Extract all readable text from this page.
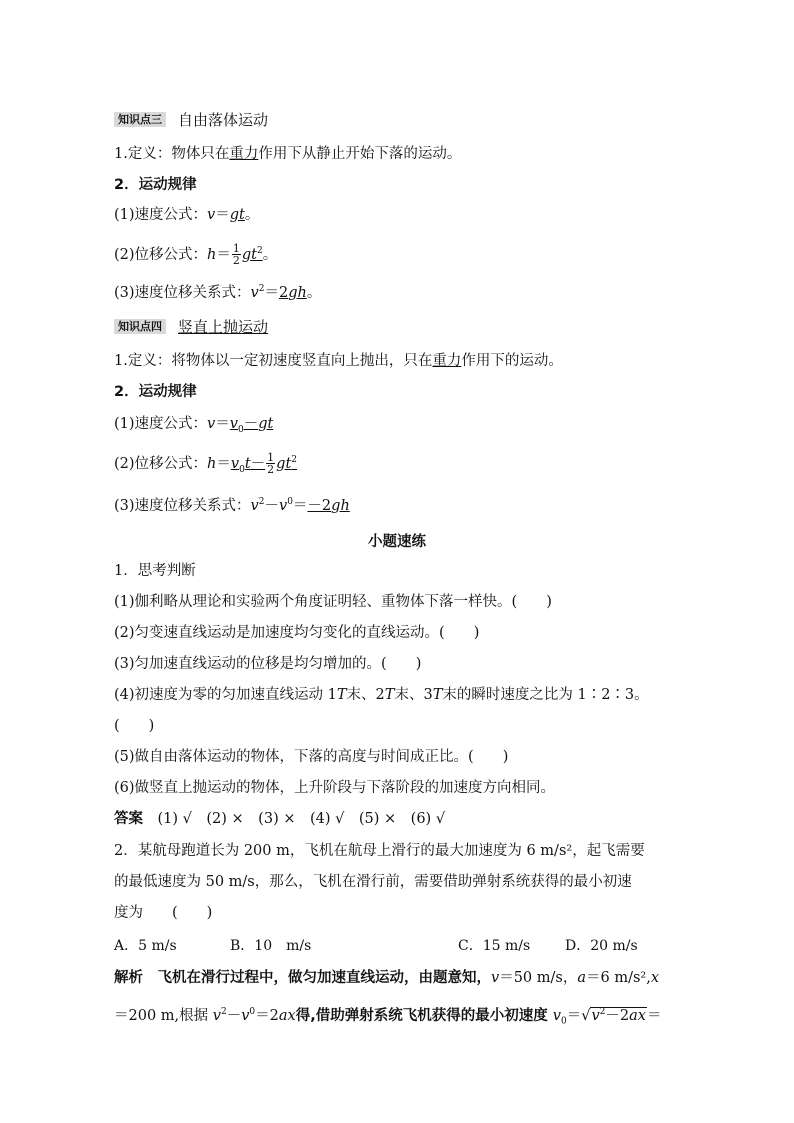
知识点三 自由落体运动
1.定义：物体只在重力作用下从静止开始下落的运动。
2．运动规律
(1)速度公式：v＝gt。
(2)位移公式：$h= \frac{1}{2} gt^2$。
(3)速度位移关系式：$v^2=2gh$。
知识点四 竖直上抛运动
1.定义：将物体以一定初速度竖直向上抛出，只在重力作用下的运动。
2．运动规律
(1)速度公式：$v=v_0-gt$
(2)位移公式：$h=v_0t- \frac{1}{2} gt^2$
(3)速度位移关系式：$v^2-v^0=-2gh$
小题速练
1．思考判断
(1)伽利略从理论和实验两个角度证明轻、重物体下落一样快。(　　)
(2)匀变速直线运动是加速度均匀变化的直线运动。(　　)
(3)匀加速直线运动的位移是均匀增加的。(　　)
(4)初速度为零的匀加速直线运动 1T末、2T末、3T末的瞬时速度之比为 1∶2∶3。
(　　)
(5)做自由落体运动的物体，下落的高度与时间成正比。(　　)
(6)做竖直上抛运动的物体，上升阶段与下落阶段的加速度方向相同。
答案　 (1) √　(2) ×　(3) ×　(4) √　(5) ×　(6) √
2．某航母跑道长为 200 m，飞机在航母上滑行的最大加速度为 6 m/s²，起飞需要
的最低速度为 50 m/s，那么，飞机在滑行前，需要借助弹射系统获得的最小初速
度为　　(　　)
A．5 m/s	B．10　m/s	C．15 m/s D．20 m/s
解析　 飞机在滑行过程中，做匀加速直线运动，由题意知，v＝50 m/s，a＝6 m/s²,x
＝200 m,根据 $v^2-v^0=2ax$得,借助弹射系统飞机获得的最小初速度 $v_0=√v^2-2ax=$
